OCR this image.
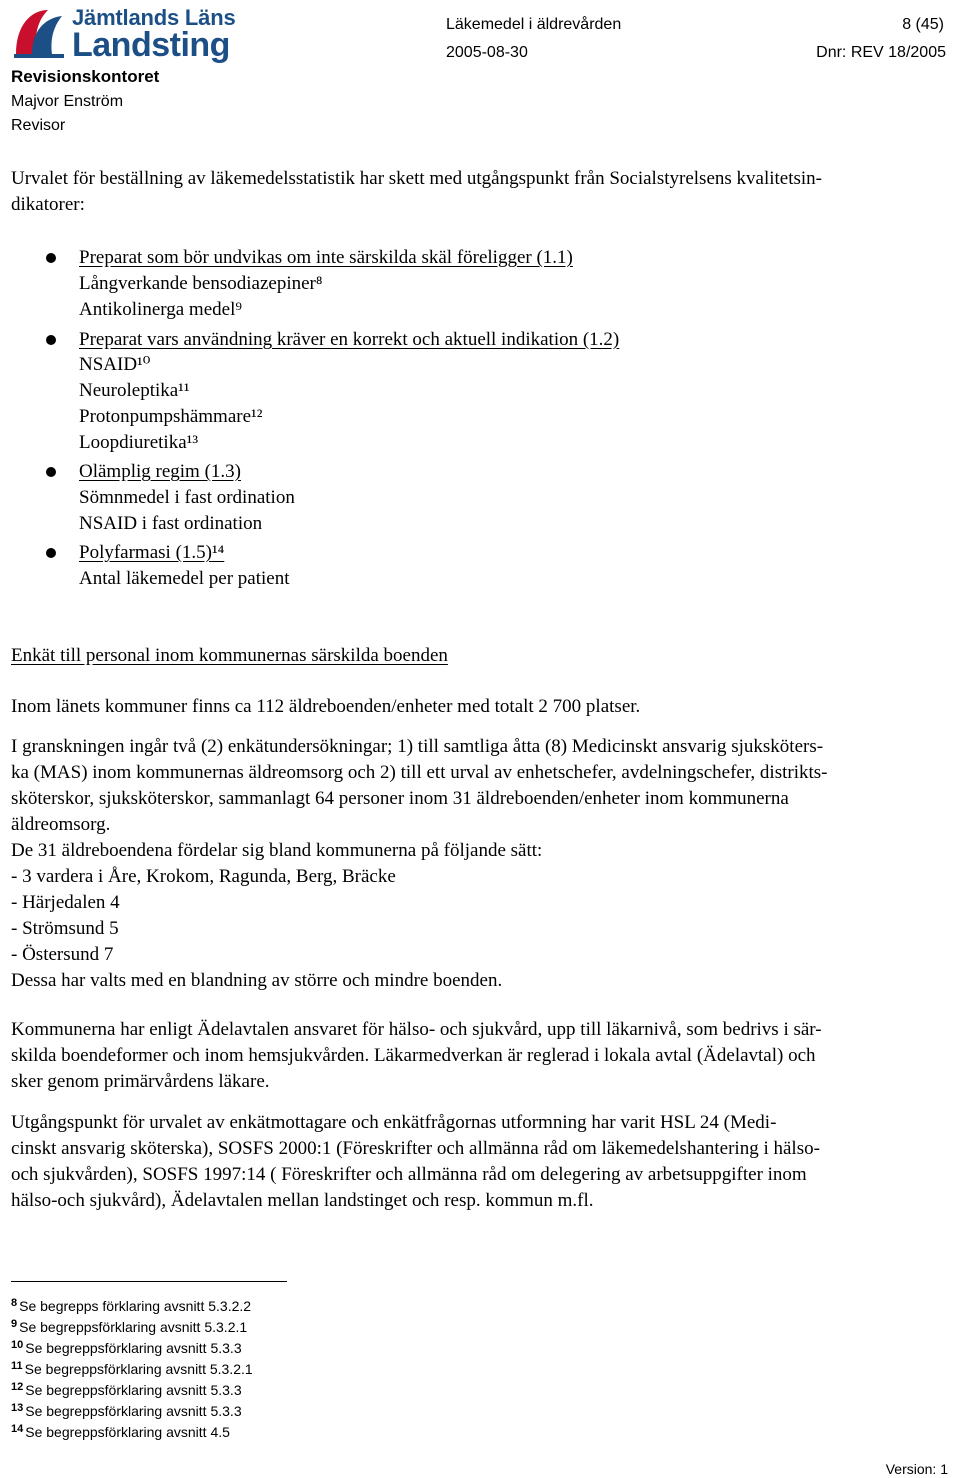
Jämtlands Läns
Landsting
Revisionskontoret
Majvor Enström
Revisor
Läkemedel i äldrevården	8 (45)
2005-08-30	Dnr: REV 18/2005
Urvalet för beställning av läkemedelsstatistik har skett med utgångspunkt från Socialstyrelsens kvalitetsin-
dikatorer:
Preparat som bör undvikas om inte särskilda skäl föreligger (1.1)
Långverkande bensodiazepiner⁸
Antikolinerga medel⁹
Preparat vars användning kräver en korrekt och aktuell indikation (1.2)
NSAID¹⁰
Neuroleptika¹¹
Protonpumpshämmare¹²
Loopdiuretika¹³
Olämplig regim (1.3)
Sömnmedel i fast ordination
NSAID i fast ordination
Polyfarmasi (1.5)¹⁴
Antal läkemedel per patient
Enkät till personal inom kommunernas särskilda boenden
Inom länets kommuner finns ca 112 äldreboenden/enheter med totalt 2 700 platser.
I granskningen ingår två (2) enkätundersökningar; 1) till samtliga åtta (8) Medicinskt ansvarig sjuksköters-
ka (MAS) inom kommunernas äldreomsorg och 2) till ett urval av enhetschefer, avdelningschefer, distrikts-
sköterskor, sjuksköterskor, sammanlagt 64 personer inom 31 äldreboenden/enheter inom kommunerna
äldreomsorg.
De 31 äldreboendena fördelar sig bland kommunerna på följande sätt:
- 3 vardera i Åre, Krokom, Ragunda, Berg, Bräcke
- Härjedalen 4
- Strömsund 5
- Östersund 7
Dessa har valts med en blandning av större och mindre boenden.
Kommunerna har enligt Ädelavtalen ansvaret för hälso- och sjukvård, upp till läkarnivå, som bedrivs i sär-
skilda boendeformer och inom hemsjukvården. Läkarmedverkan är reglerad i lokala avtal (Ädelavtal) och
sker genom primärvårdens läkare.
Utgångspunkt för urvalet av enkätmottagare och enkätfrågornas utformning har varit HSL 24 (Medi-
cinskt ansvarig sköterska), SOSFS 2000:1 (Föreskrifter och allmänna råd om läkemedelshantering i hälso-
och sjukvården), SOSFS 1997:14 ( Föreskrifter och allmänna råd om delegering av arbetsuppgifter inom
hälso-och sjukvård), Ädelavtalen mellan landstinget och resp. kommun m.fl.
$^8$ Se begrepps förklaring avsnitt 5.3.2.2
$^9$ Se begreppsförklaring avsnitt 5.3.2.1
$^{10}$ Se begreppsförklaring avsnitt 5.3.3
$^{11}$ Se begreppsförklaring avsnitt 5.3.2.1
$^{12}$ Se begreppsförklaring avsnitt 5.3.3
$^{13}$ Se begreppsförklaring avsnitt 5.3.3
$^{14}$ Se begreppsförklaring avsnitt 4.5
Version: 1
